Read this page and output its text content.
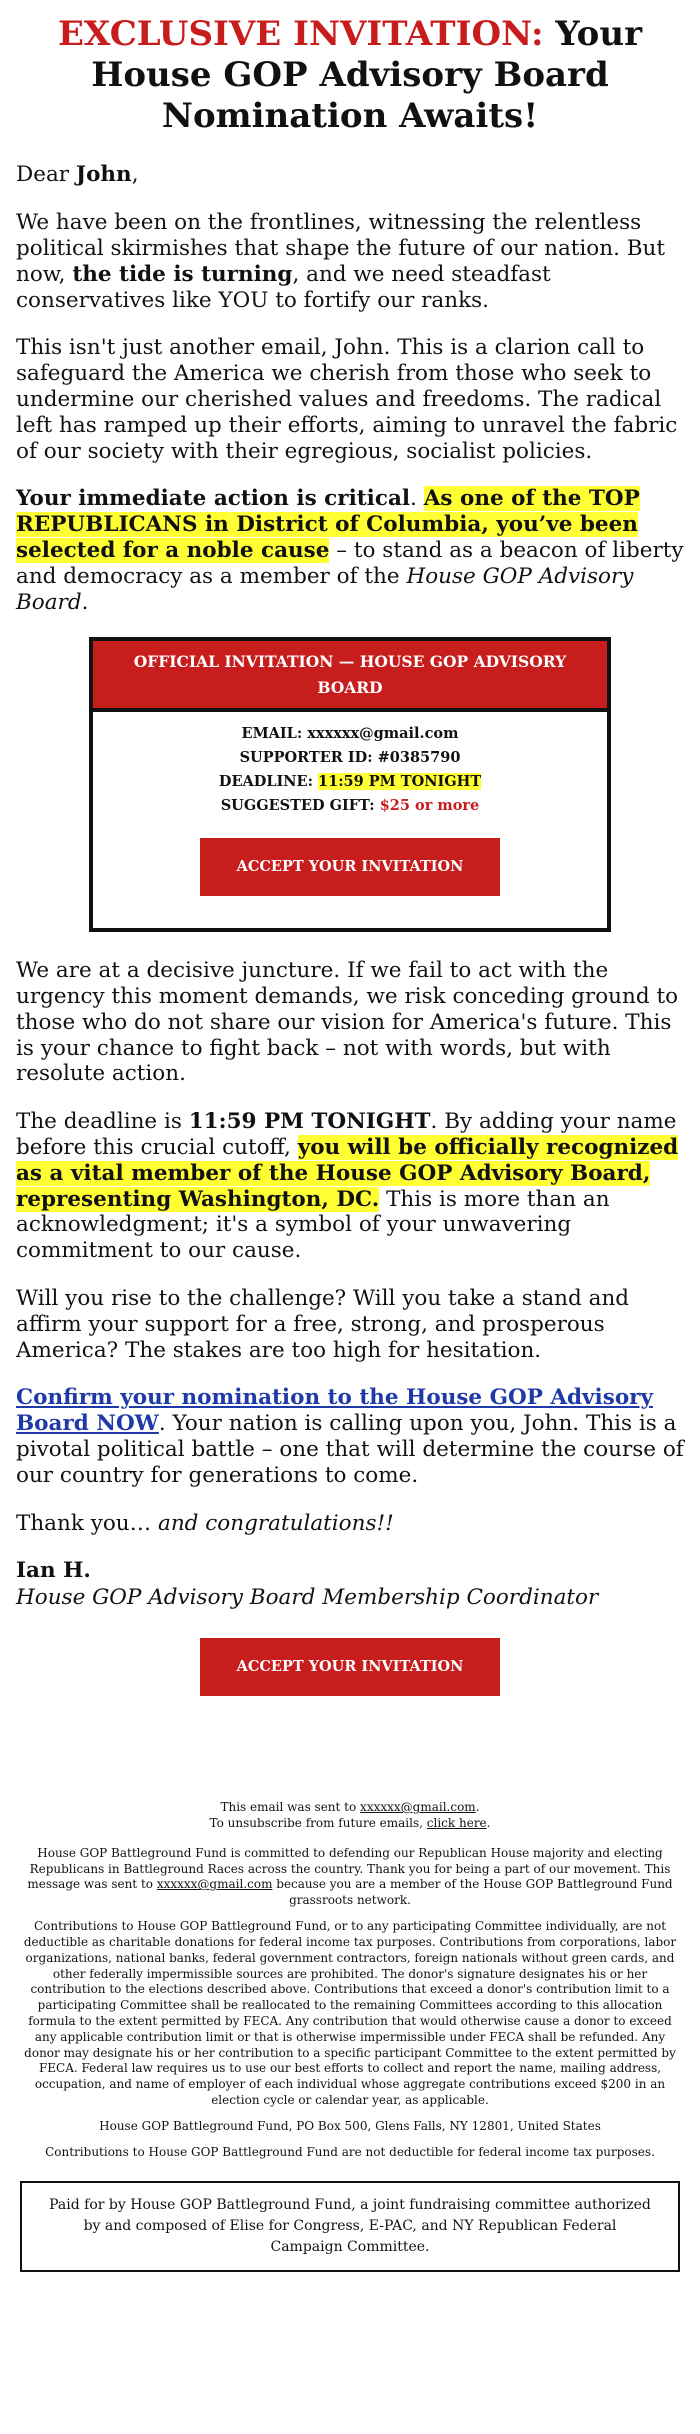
EXCLUSIVE INVITATION: Your House GOP Advisory Board Nomination Awaits!

Dear John,

We have been on the frontlines, witnessing the relentless political skirmishes that shape the future of our nation. But now, the tide is turning, and we need steadfast conservatives like YOU to fortify our ranks.

This isn't just another email, John. This is a clarion call to safeguard the America we cherish from those who seek to undermine our cherished values and freedoms. The radical left has ramped up their efforts, aiming to unravel the fabric of our society with their egregious, socialist policies.

Your immediate action is critical. As one of the TOP REPUBLICANS in District of Columbia, you’ve been selected for a noble cause – to stand as a beacon of liberty and democracy as a member of the House GOP Advisory Board.

OFFICIAL INVITATION — HOUSE GOP ADVISORY BOARD
EMAIL: xxxxxx@gmail.com
SUPPORTER ID: #0385790
DEADLINE: 11:59 PM TONIGHT
SUGGESTED GIFT: $25 or more
ACCEPT YOUR INVITATION

We are at a decisive juncture. If we fail to act with the urgency this moment demands, we risk conceding ground to those who do not share our vision for America's future. This is your chance to fight back – not with words, but with resolute action.

The deadline is 11:59 PM TONIGHT. By adding your name before this crucial cutoff, you will be officially recognized as a vital member of the House GOP Advisory Board, representing Washington, DC. This is more than an acknowledgment; it's a symbol of your unwavering commitment to our cause.

Will you rise to the challenge? Will you take a stand and affirm your support for a free, strong, and prosperous America? The stakes are too high for hesitation.

Confirm your nomination to the House GOP Advisory Board NOW. Your nation is calling upon you, John. This is a pivotal political battle – one that will determine the course of our country for generations to come.

Thank you… and congratulations!!

Ian H.

House GOP Advisory Board Membership Coordinator

ACCEPT YOUR INVITATION
This email was sent to xxxxxx@gmail.com.
To unsubscribe from future emails, click here.

House GOP Battleground Fund is committed to defending our Republican House majority and electing Republicans in Battleground Races across the country. Thank you for being a part of our movement. This message was sent to xxxxxx@gmail.com because you are a member of the House GOP Battleground Fund grassroots network.

Contributions to House GOP Battleground Fund, or to any participating Committee individually, are not deductible as charitable donations for federal income tax purposes. Contributions from corporations, labor organizations, national banks, federal government contractors, foreign nationals without green cards, and other federally impermissible sources are prohibited. The donor's signature designates his or her contribution to the elections described above. Contributions that exceed a donor's contribution limit to a participating Committee shall be reallocated to the remaining Committees according to this allocation formula to the extent permitted by FECA. Any contribution that would otherwise cause a donor to exceed any applicable contribution limit or that is otherwise impermissible under FECA shall be refunded. Any donor may designate his or her contribution to a specific participant Committee to the extent permitted by FECA. Federal law requires us to use our best efforts to collect and report the name, mailing address, occupation, and name of employer of each individual whose aggregate contributions exceed $200 in an election cycle or calendar year, as applicable.

House GOP Battleground Fund, PO Box 500, Glens Falls, NY 12801, United States

Contributions to House GOP Battleground Fund are not deductible for federal income tax purposes.

Paid for by House GOP Battleground Fund, a joint fundraising committee authorized by and composed of Elise for Congress, E-PAC, and NY Republican Federal Campaign Committee.
